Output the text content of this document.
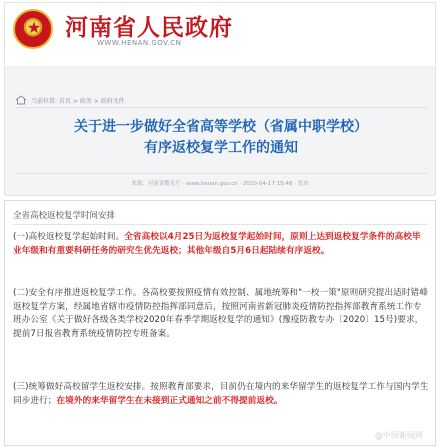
★ 河南省人民政府
WWW.HENAN.GOV.CN
当前位置: 首页 > 政务 > 政府文件
关于进一步做好全省高等学校（省属中职学校）
有序返校复学工作的通知
来源：河南省教育厅 · www.henan.gov.cn · 2020-04-17 15:48 · 发布
全省高校返校复学时间安排

(一)高校返校复学起始时间。全省高校以4月25日为返校复学起始时间，原则上达到返校复学条件的高校毕业年级和有重要科研任务的研究生优先返校；其他年级自5月6日起陆续有序返校。

(二)安全有序推进返校复学工作。各高校要按照疫情有效控制、属地统筹和"一校一策"原则研究提出适时错峰返校复学方案，经属地省辖市疫情防控指挥部同意后，按照河南省新冠肺炎疫情防控指挥部教育系统工作专班办公室《关于做好各级各类学校2020年春季学期返校复学的通知》(豫疫防教专办〔2020〕15号)要求，提前7日报省教育系统疫情防控专班备案。

(三)统筹做好高校留学生返校安排。按照教育部要求，目前仍在境内的来华留学生的返校复学工作与国内学生同步进行；在境外的来华留学生在未接到正式通知之前不得提前返校。

@中国新闻网
